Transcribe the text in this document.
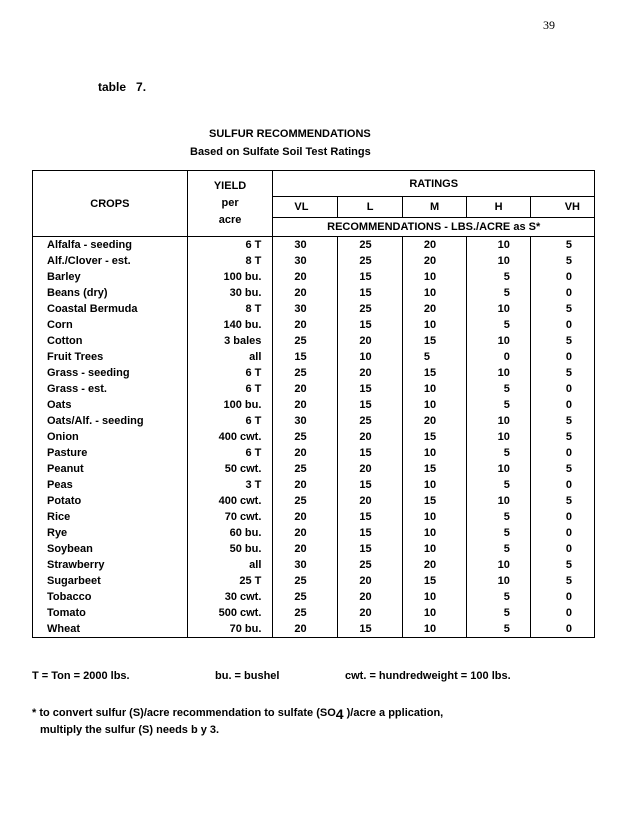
39
table 7.
SULFUR RECOMMENDATIONS
Based on Sulfate Soil Test Ratings
CROPS	YIELD
per
acre	RATINGS				
		VL	L	M	H	VH
		RECOMMENDATIONS - LBS./ACRE as S*				
Alfalfa - seeding	6 T	30	25	20	10	5
Alf./Clover - est.	8 T	30	25	20	10	5
Barley	100 bu.	20	15	10	5	0
Beans (dry)	30 bu.	20	15	10	5	0
Coastal Bermuda	8 T	30	25	20	10	5
Corn	140 bu.	20	15	10	5	0
Cotton	3 bales	25	20	15	10	5
Fruit Trees	all	15	10	5	0	0
Grass - seeding	6 T	25	20	15	10	5
Grass - est.	6 T	20	15	10	5	0
Oats	100 bu.	20	15	10	5	0
Oats/Alf. - seeding	6 T	30	25	20	10	5
Onion	400 cwt.	25	20	15	10	5
Pasture	6 T	20	15	10	5	0
Peanut	50 cwt.	25	20	15	10	5
Peas	3 T	20	15	10	5	0
Potato	400 cwt.	25	20	15	10	5
Rice	70 cwt.	20	15	10	5	0
Rye	60 bu.	20	15	10	5	0
Soybean	50 bu.	20	15	10	5	0
Strawberry	all	30	25	20	10	5
Sugarbeet	25 T	25	20	15	10	5
Tobacco	30 cwt.	25	20	10	5	0
Tomato	500 cwt.	25	20	10	5	0
Wheat	70 bu.	20	15	10	5	0
T = Ton = 2000 lbs.	bu. = bushel	cwt. = hundredweight = 100 lbs.
* to convert sulfur (S)/acre recommendation to sulfate (SO4 )/acre a pplication,
multiply the sulfur (S) needs b y 3.
